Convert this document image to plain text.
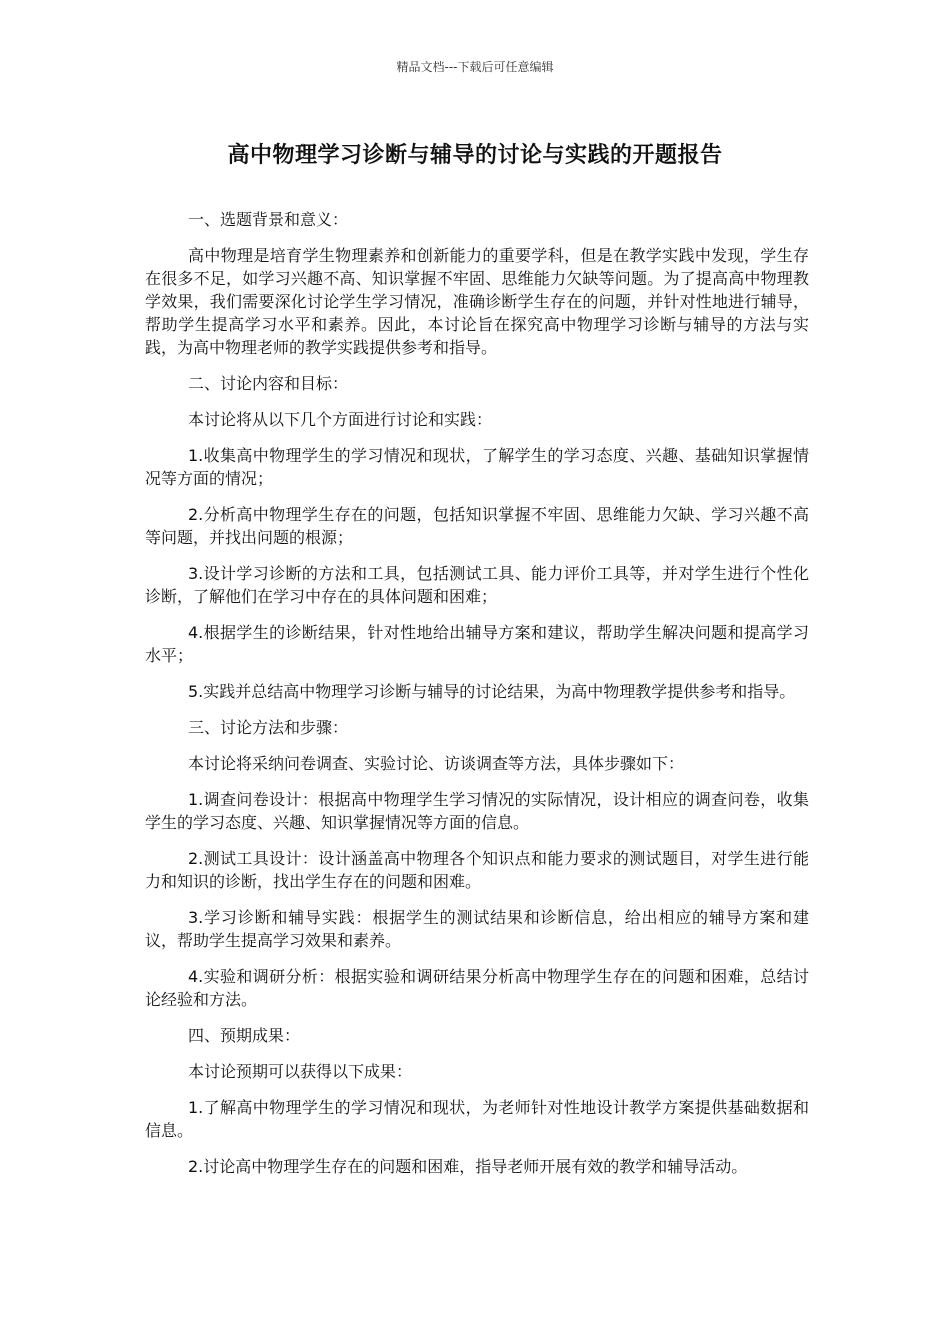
精品文档---下载后可任意编辑
高中物理学习诊断与辅导的讨论与实践的开题报告

一、选题背景和意义：

高中物理是培育学生物理素养和创新能力的重要学科，但是在教学实践中发现，学生存在很多不足，如学习兴趣不高、知识掌握不牢固、思维能力欠缺等问题。为了提高高中物理教学效果，我们需要深化讨论学生学习情况，准确诊断学生存在的问题，并针对性地进行辅导，帮助学生提高学习水平和素养。因此，本讨论旨在探究高中物理学习诊断与辅导的方法与实践，为高中物理老师的教学实践提供参考和指导。

二、讨论内容和目标：

本讨论将从以下几个方面进行讨论和实践：

1.收集高中物理学生的学习情况和现状，了解学生的学习态度、兴趣、基础知识掌握情况等方面的情况；

2.分析高中物理学生存在的问题，包括知识掌握不牢固、思维能力欠缺、学习兴趣不高等问题，并找出问题的根源；

3.设计学习诊断的方法和工具，包括测试工具、能力评价工具等，并对学生进行个性化诊断，了解他们在学习中存在的具体问题和困难；

4.根据学生的诊断结果，针对性地给出辅导方案和建议，帮助学生解决问题和提高学习水平；

5.实践并总结高中物理学习诊断与辅导的讨论结果，为高中物理教学提供参考和指导。

三、讨论方法和步骤：

本讨论将采纳问卷调查、实验讨论、访谈调查等方法，具体步骤如下：

1.调查问卷设计：根据高中物理学生学习情况的实际情况，设计相应的调查问卷，收集学生的学习态度、兴趣、知识掌握情况等方面的信息。

2.测试工具设计：设计涵盖高中物理各个知识点和能力要求的测试题目，对学生进行能力和知识的诊断，找出学生存在的问题和困难。

3.学习诊断和辅导实践：根据学生的测试结果和诊断信息，给出相应的辅导方案和建议，帮助学生提高学习效果和素养。

4.实验和调研分析：根据实验和调研结果分析高中物理学生存在的问题和困难，总结讨论经验和方法。

四、预期成果：

本讨论预期可以获得以下成果：

1.了解高中物理学生的学习情况和现状，为老师针对性地设计教学方案提供基础数据和信息。

2.讨论高中物理学生存在的问题和困难，指导老师开展有效的教学和辅导活动。
